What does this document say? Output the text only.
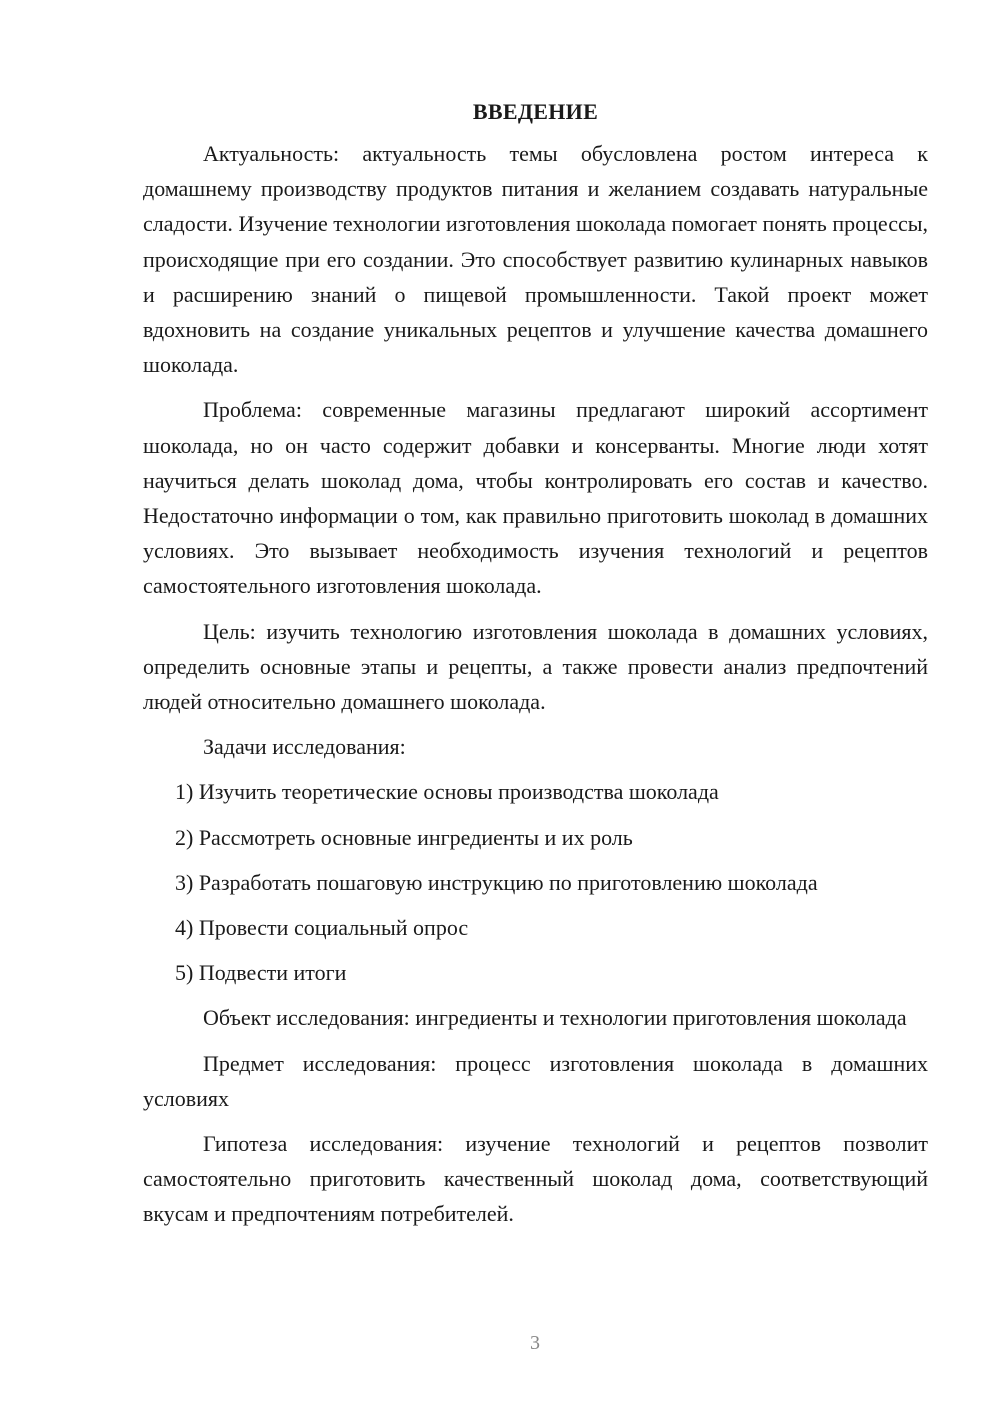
ВВЕДЕНИЕ

Актуальность: актуальность темы обусловлена ростом интереса к домашнему производству продуктов питания и желанием создавать натуральные сладости. Изучение технологии изготовления шоколада помогает понять процессы, происходящие при его создании. Это способствует развитию кулинарных навыков и расширению знаний о пищевой промышленности. Такой проект может вдохновить на создание уникальных рецептов и улучшение качества домашнего шоколада.

Проблема: современные магазины предлагают широкий ассортимент шоколада, но он часто содержит добавки и консерванты. Многие люди хотят научиться делать шоколад дома, чтобы контролировать его состав и качество. Недостаточно информации о том, как правильно приготовить шоколад в домашних условиях. Это вызывает необходимость изучения технологий и рецептов самостоятельного изготовления шоколада.

Цель: изучить технологию изготовления шоколада в домашних условиях, определить основные этапы и рецепты, а также провести анализ предпочтений людей относительно домашнего шоколада.

Задачи исследования:

1) Изучить теоретические основы производства шоколада

2) Рассмотреть основные ингредиенты и их роль

3) Разработать пошаговую инструкцию по приготовлению шоколада

4) Провести социальный опрос

5) Подвести итоги

Объект исследования: ингредиенты и технологии приготовления шоколада

Предмет исследования: процесс изготовления шоколада в домашних условиях

Гипотеза исследования: изучение технологий и рецептов позволит самостоятельно приготовить качественный шоколад дома, соответствующий вкусам и предпочтениям потребителей.

3
